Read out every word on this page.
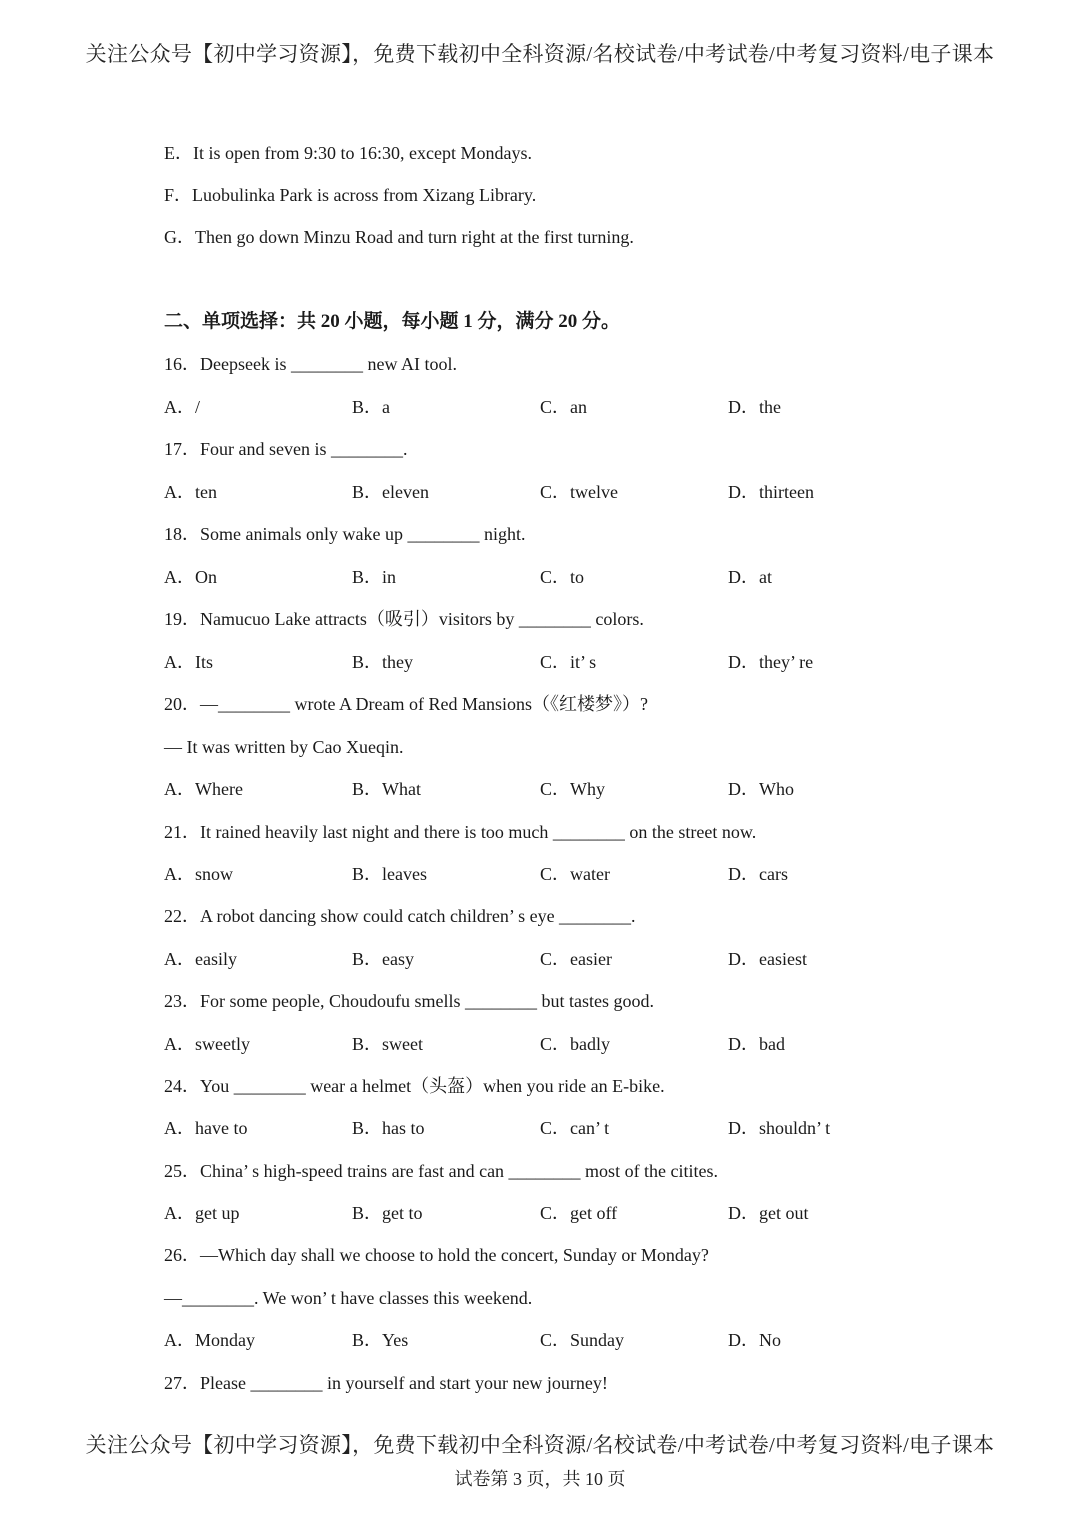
关注公众号【初中学习资源】，免费下载初中全科资源/名校试卷/中考试卷/中考复习资料/电子课本
E．It is open from 9:30 to 16:30, except Mondays.
F．Luobulinka Park is across from Xizang Library.
G．Then go down Minzu Road and turn right at the first turning.
二、单项选择：共 20 小题，每小题 1 分，满分 20 分。
16．Deepseek is ________ new AI tool.
A．/	B．a	C．an	D．the
17．Four and seven is ________.
A．ten	B．eleven	C．twelve	D．thirteen
18．Some animals only wake up ________ night.
A．On	B．in	C．to	D．at
19．Namucuo Lake attracts（吸引）visitors by ________ colors.
A．Its	B．they	C．it’ s	D．they’ re
20．—________ wrote A Dream of Red Mansions（《红楼梦》）?
— It was written by Cao Xueqin.
A．Where	B．What	C．Why	D．Who
21．It rained heavily last night and there is too much ________ on the street now.
A．snow	B．leaves	C．water	D．cars
22．A robot dancing show could catch children’ s eye ________.
A．easily	B．easy	C．easier	D．easiest
23．For some people, Choudoufu smells ________ but tastes good.
A．sweetly	B．sweet	C．badly	D．bad
24．You ________ wear a helmet（头盔）when you ride an E-bike.
A．have to	B．has to	C．can’ t	D．shouldn’ t
25．China’ s high-speed trains are fast and can ________ most of the citites.
A．get up	B．get to	C．get off	D．get out
26．—Which day shall we choose to hold the concert, Sunday or Monday?
—________. We won’ t have classes this weekend.
A．Monday	B．Yes	C．Sunday	D．No
27．Please ________ in yourself and start your new journey!
关注公众号【初中学习资源】，免费下载初中全科资源/名校试卷/中考试卷/中考复习资料/电子课本
试卷第 3 页，共 10 页
